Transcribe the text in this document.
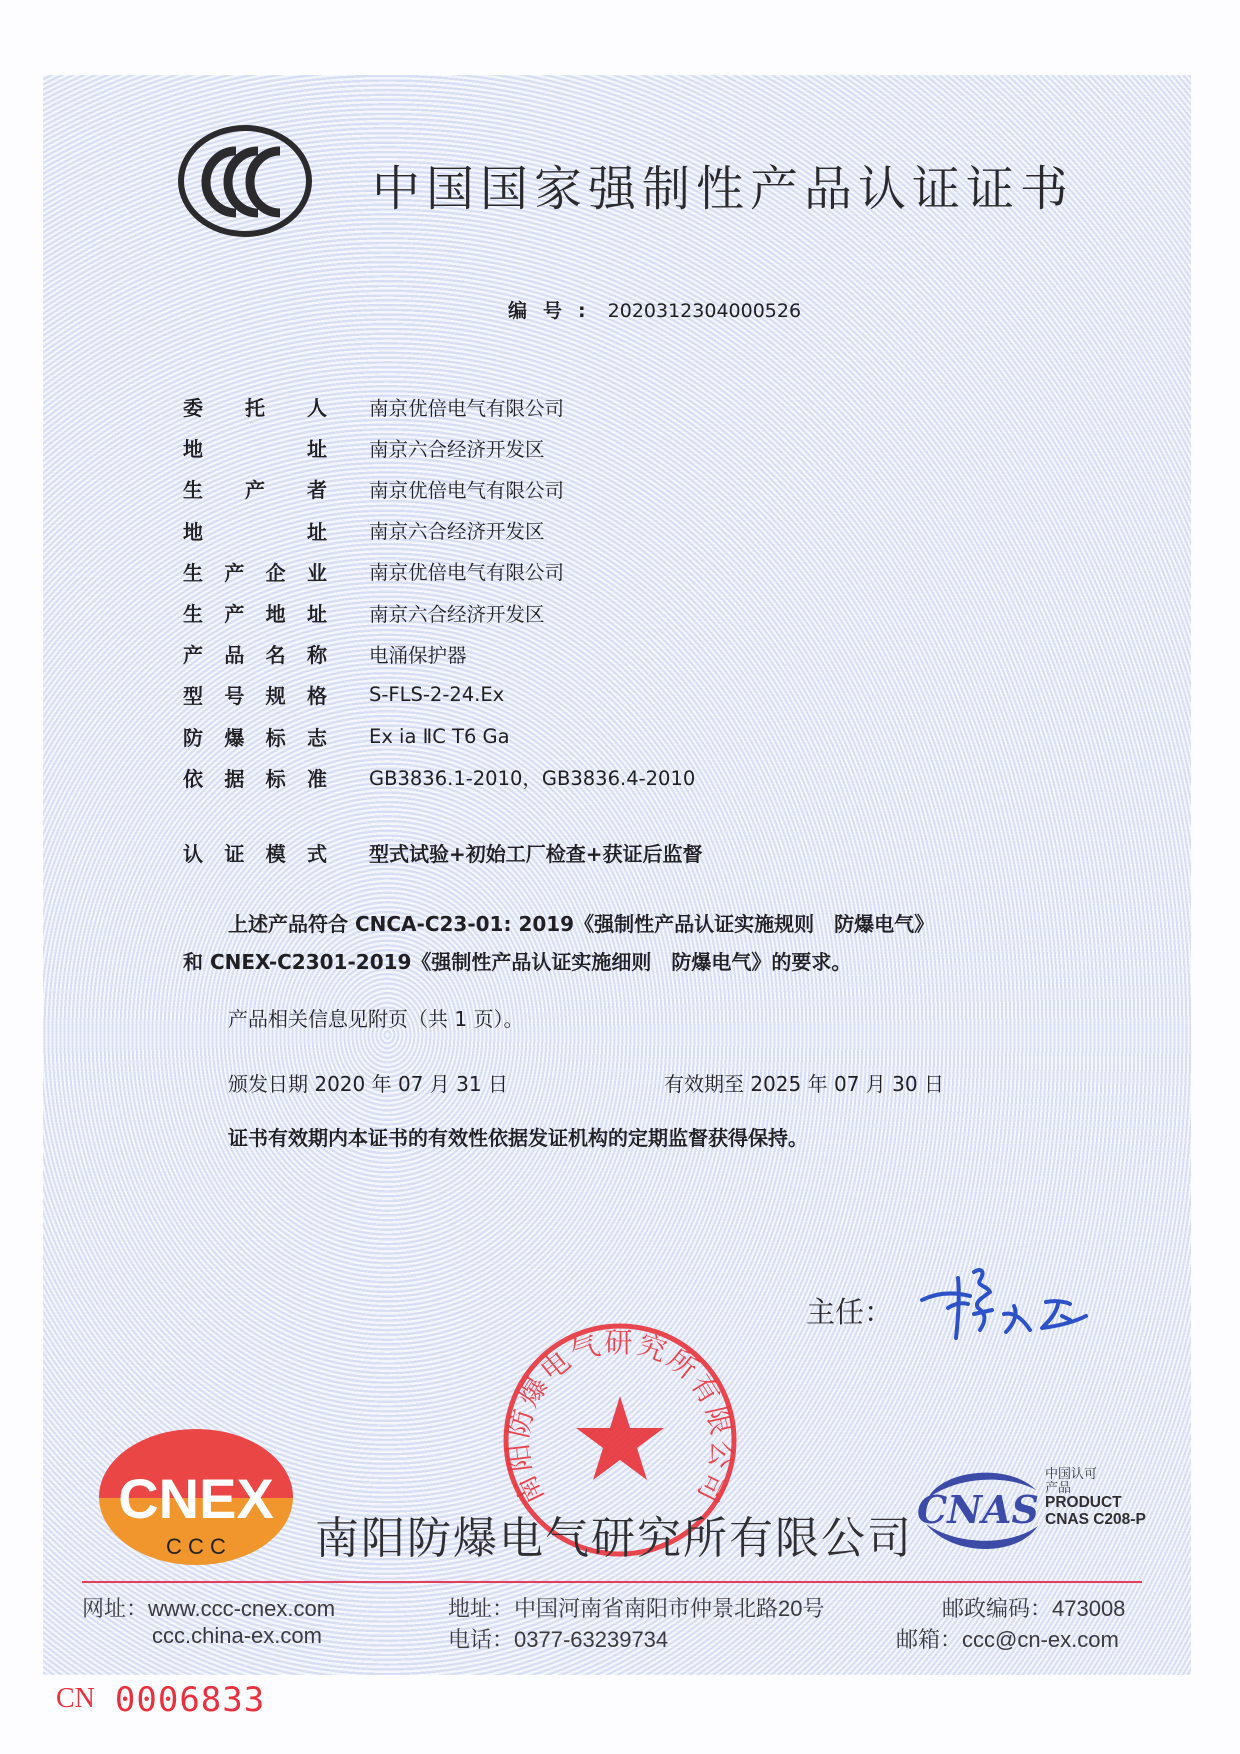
中国国家强制性产品认证证书
编号: 2020312304000526
委 托 人 南京优倍电气有限公司
地	址 南京六合经济开发区
生 产 者 南京优倍电气有限公司
地	址 南京六合经济开发区
生 产 企 业 南京优倍电气有限公司
生 产 地 址 南京六合经济开发区
产 品 名 称 电涌保护器
型 号 规 格 S-FLS-2-24.Ex
防 爆 标 志 Ex ia ⅡC T6 Ga
依 据 标 准 GB3836.1-2010，GB3836.4-2010
认 证 模 式 型式试验+初始工厂检查+获证后监督
上述产品符合 CNCA-C23-01: 2019《强制性产品认证实施规则　防爆电气》
和 CNEX-C2301-2019《强制性产品认证实施细则　防爆电气》的要求。
产品相关信息见附页（共 1 页）。
颁发日期 2020 年 07 月 31 日	有效期至 2025 年 07 月 30 日
证书有效期内本证书的有效性依据发证机构的定期监督获得保持。
主任：
南阳防爆电气研究所有限公司
CNEX
C C C 南阳防爆电气研究所有限公司
CNAS
中国认可
产品
PRODUCT
CNAS C208-P
网址：www.ccc-cnex.com
ccc.china-ex.com
地址：中国河南省南阳市仲景北路20号
电话：0377-63239734
邮政编码：473008
邮箱：ccc@cn-ex.com
CN 0006833
